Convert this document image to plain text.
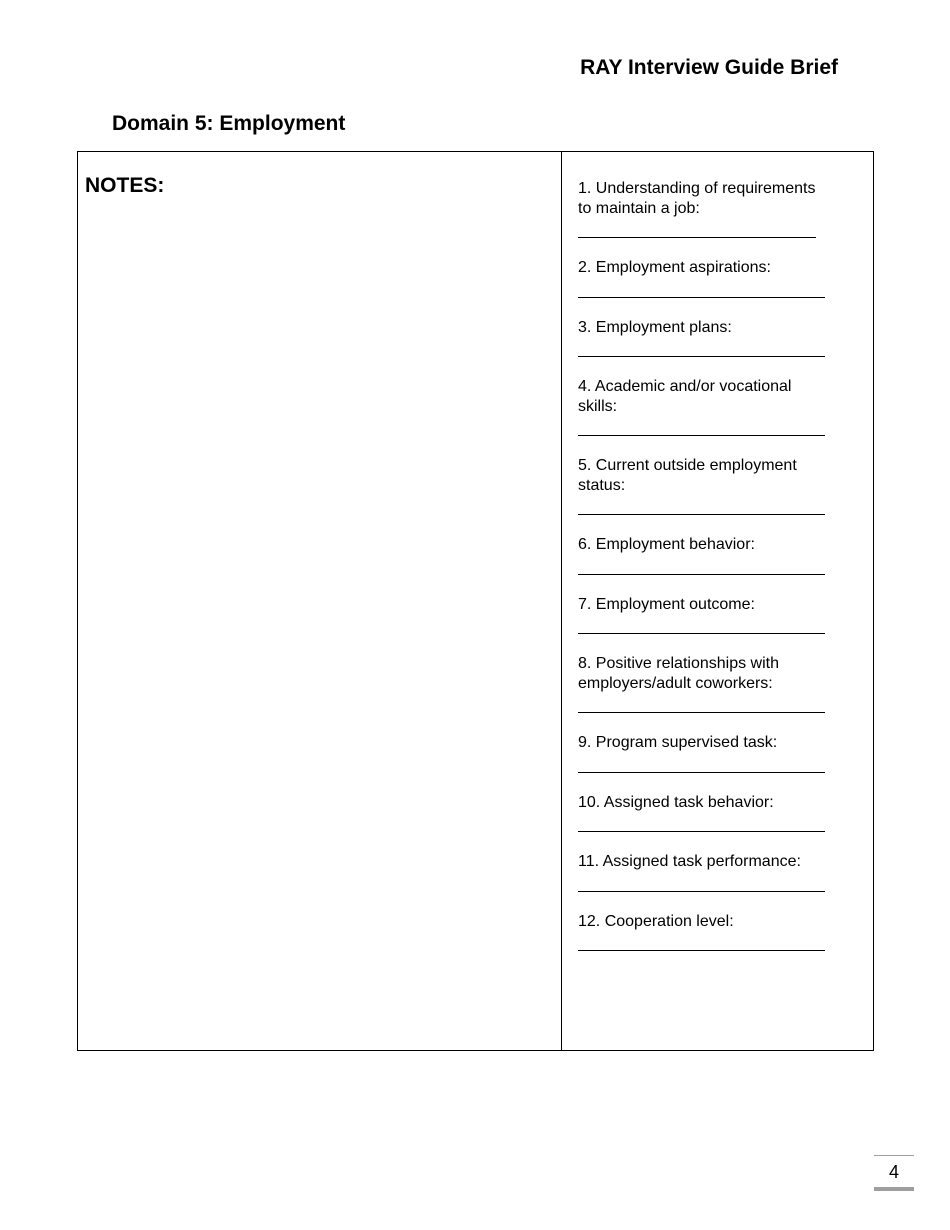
RAY Interview Guide Brief
Domain 5: Employment
NOTES:	1. Understanding of requirements
to maintain a job:
2. Employment aspirations:
3. Employment plans:
4. Academic and/or vocational
skills:
5. Current outside employment
status:
6. Employment behavior:
7. Employment outcome:
8. Positive relationships with
employers/adult coworkers:
9. Program supervised task:
10. Assigned task behavior:
11. Assigned task performance:
12. Cooperation level:
4
